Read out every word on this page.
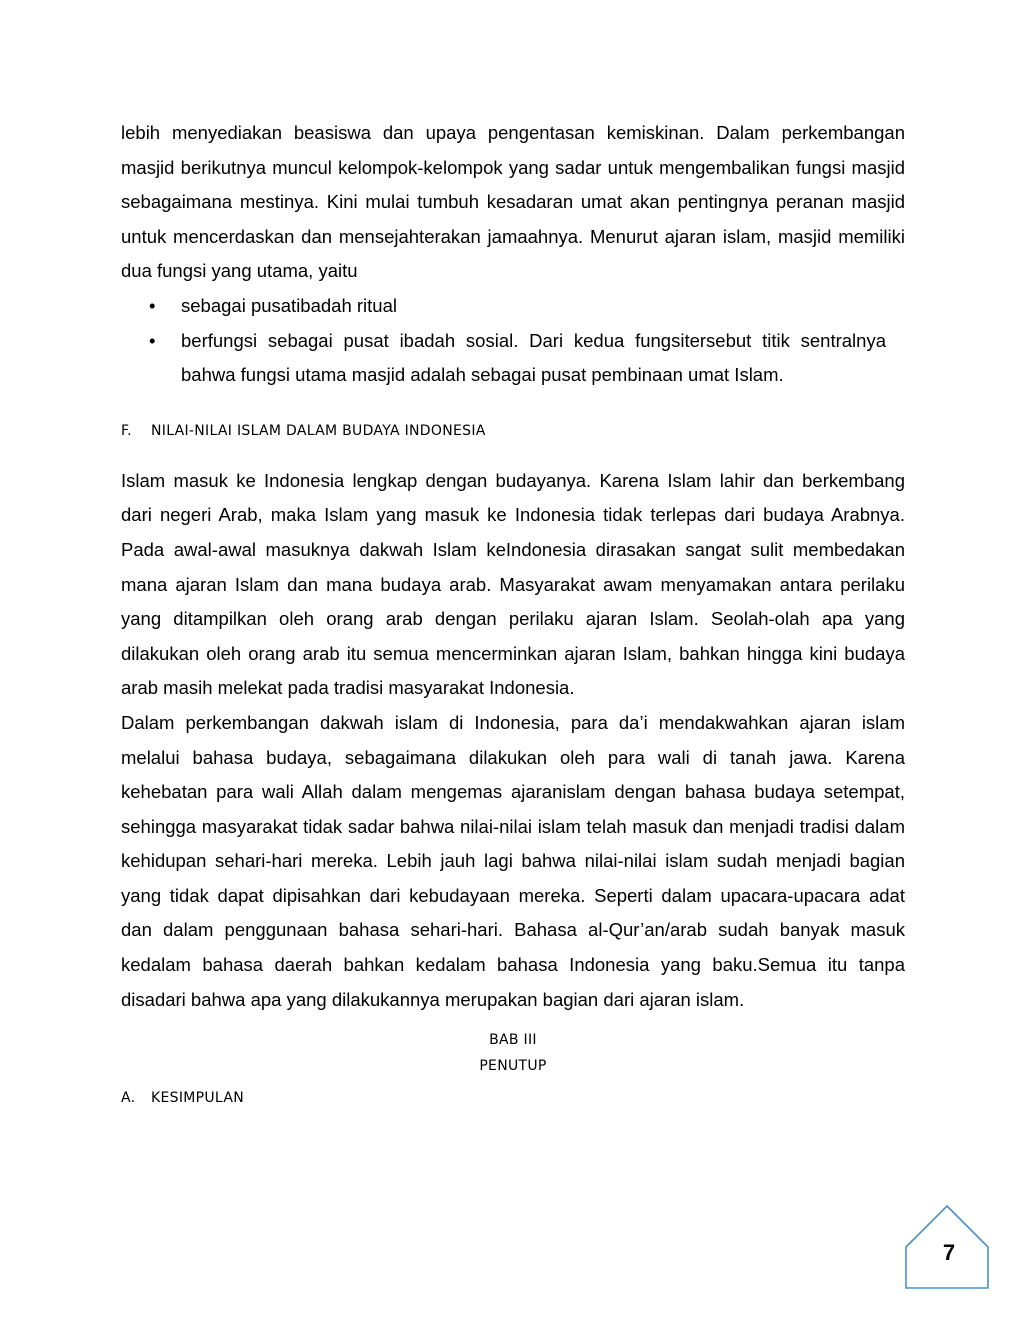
lebih menyediakan beasiswa dan upaya pengentasan kemiskinan. Dalam perkembangan masjid berikutnya muncul kelompok-kelompok yang sadar untuk mengembalikan fungsi masjid sebagaimana mestinya. Kini mulai tumbuh kesadaran umat akan pentingnya peranan masjid untuk mencerdaskan dan mensejahterakan jamaahnya. Menurut ajaran islam, masjid memiliki dua fungsi yang utama, yaitu

• sebagai pusatibadah ritual
• berfungsi sebagai pusat ibadah sosial. Dari kedua fungsitersebut titik sentralnya bahwa fungsi utama masjid adalah sebagai pusat pembinaan umat Islam.
F. NILAI-NILAI ISLAM DALAM BUDAYA INDONESIA

Islam masuk ke Indonesia lengkap dengan budayanya. Karena Islam lahir dan berkembang dari negeri Arab, maka Islam yang masuk ke Indonesia tidak terlepas dari budaya Arabnya. Pada awal-awal masuknya dakwah Islam keIndonesia dirasakan sangat sulit membedakan mana ajaran Islam dan mana budaya arab. Masyarakat awam menyamakan antara perilaku yang ditampilkan oleh orang arab dengan perilaku ajaran Islam. Seolah-olah apa yang dilakukan oleh orang arab itu semua mencerminkan ajaran Islam, bahkan hingga kini budaya arab masih melekat pada tradisi masyarakat Indonesia.

Dalam perkembangan dakwah islam di Indonesia, para da’i mendakwahkan ajaran islam melalui bahasa budaya, sebagaimana dilakukan oleh para wali di tanah jawa. Karena kehebatan para wali Allah dalam mengemas ajaranislam dengan bahasa budaya setempat, sehingga masyarakat tidak sadar bahwa nilai-nilai islam telah masuk dan menjadi tradisi dalam kehidupan sehari-hari mereka. Lebih jauh lagi bahwa nilai-nilai islam sudah menjadi bagian yang tidak dapat dipisahkan dari kebudayaan mereka. Seperti dalam upacara-upacara adat dan dalam penggunaan bahasa sehari-hari. Bahasa al-Qur’an/arab sudah banyak masuk kedalam bahasa daerah bahkan kedalam bahasa Indonesia yang baku.Semua itu tanpa disadari bahwa apa yang dilakukannya merupakan bagian dari ajaran islam.

BAB III

PENUTUP

A. KESIMPULAN
7
